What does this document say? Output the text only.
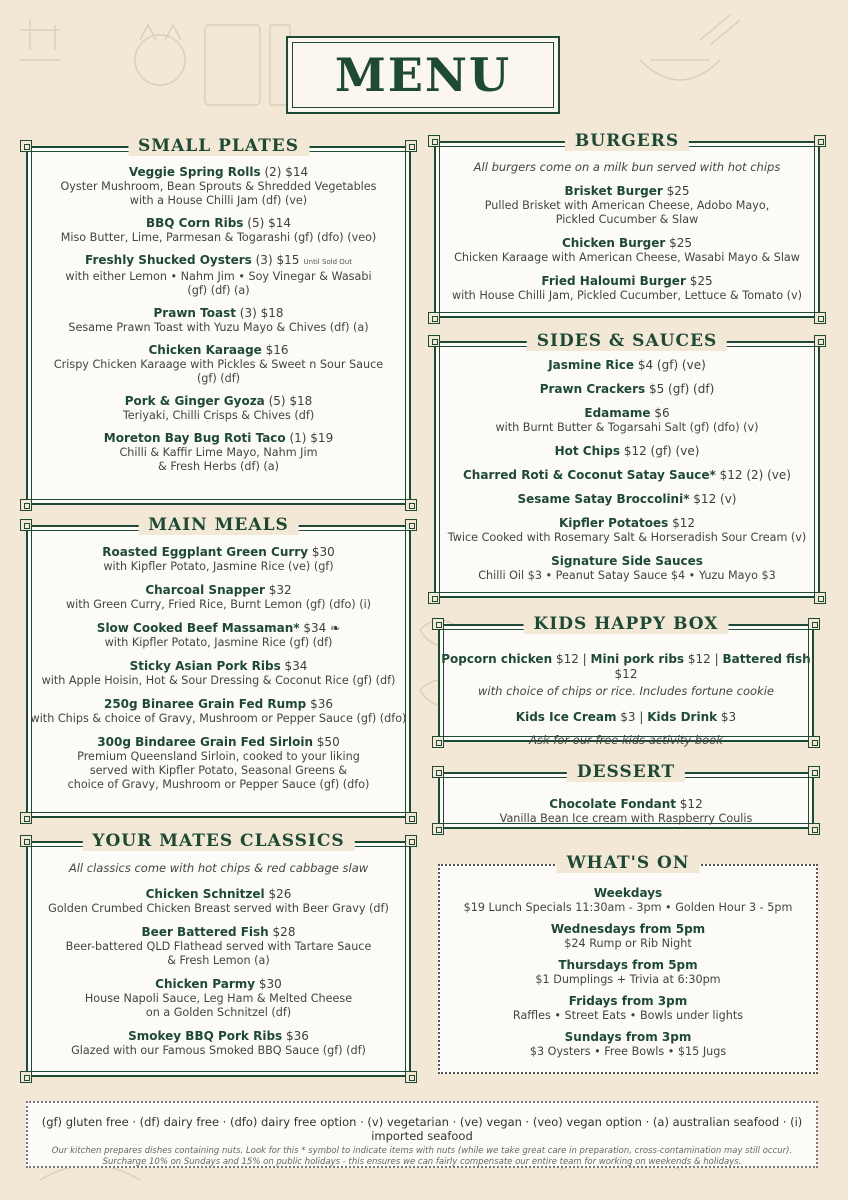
MENU
SMALL PLATES
Veggie Spring Rolls (2) $14
Oyster Mushroom, Bean Sprouts & Shredded Vegetables
with a House Chilli Jam (df) (ve)
BBQ Corn Ribs (5) $14
Miso Butter, Lime, Parmesan & Togarashi (gf) (dfo) (veo)
Freshly Shucked Oysters (3) $15 Until Sold Out
with either Lemon • Nahm Jim • Soy Vinegar & Wasabi
(gf) (df) (a)
Prawn Toast (3) $18
Sesame Prawn Toast with Yuzu Mayo & Chives (df) (a)
Chicken Karaage $16
Crispy Chicken Karaage with Pickles & Sweet n Sour Sauce
(gf) (df)
Pork & Ginger Gyoza (5) $18
Teriyaki, Chilli Crisps & Chives (df)
Moreton Bay Bug Roti Taco (1) $19
Chilli & Kaffir Lime Mayo, Nahm Jim
& Fresh Herbs (df) (a)
MAIN MEALS
Roasted Eggplant Green Curry $30
with Kipfler Potato, Jasmine Rice (ve) (gf)
Charcoal Snapper $32
with Green Curry, Fried Rice, Burnt Lemon (gf) (dfo) (i)
Slow Cooked Beef Massaman* $34 ❧
with Kipfler Potato, Jasmine Rice (gf) (df)
Sticky Asian Pork Ribs $34
with Apple Hoisin, Hot & Sour Dressing & Coconut Rice (gf) (df)
250g Binaree Grain Fed Rump $36
with Chips & choice of Gravy, Mushroom or Pepper Sauce (gf) (dfo)
300g Bindaree Grain Fed Sirloin $50
Premium Queensland Sirloin, cooked to your liking
served with Kipfler Potato, Seasonal Greens &
choice of Gravy, Mushroom or Pepper Sauce (gf) (dfo)
YOUR MATES CLASSICS
All classics come with hot chips & red cabbage slaw
Chicken Schnitzel $26
Golden Crumbed Chicken Breast served with Beer Gravy (df)
Beer Battered Fish $28
Beer-battered QLD Flathead served with Tartare Sauce
& Fresh Lemon (a)
Chicken Parmy $30
House Napoli Sauce, Leg Ham & Melted Cheese
on a Golden Schnitzel (df)
Smokey BBQ Pork Ribs $36
Glazed with our Famous Smoked BBQ Sauce (gf) (df)
BURGERS
All burgers come on a milk bun served with hot chips
Brisket Burger $25
Pulled Brisket with American Cheese, Adobo Mayo,
Pickled Cucumber & Slaw
Chicken Burger $25
Chicken Karaage with American Cheese, Wasabi Mayo & Slaw
Fried Haloumi Burger $25
with House Chilli Jam, Pickled Cucumber, Lettuce & Tomato (v)
SIDES & SAUCES
Jasmine Rice $4 (gf) (ve)
Prawn Crackers $5 (gf) (df)
Edamame $6
with Burnt Butter & Togarsahi Salt (gf) (dfo) (v)
Hot Chips $12 (gf) (ve)
Charred Roti & Coconut Satay Sauce* $12 (2) (ve)
Sesame Satay Broccolini* $12 (v)
Kipfler Potatoes $12
Twice Cooked with Rosemary Salt & Horseradish Sour Cream (v)
Signature Side Sauces
Chilli Oil $3 • Peanut Satay Sauce $4 • Yuzu Mayo $3
KIDS HAPPY BOX
Popcorn chicken $12 | Mini pork ribs $12 | Battered fish $12
with choice of chips or rice. Includes fortune cookie
Kids Ice Cream $3 | Kids Drink $3
Ask for our free kids activity book
DESSERT
Chocolate Fondant $12
Vanilla Bean Ice cream with Raspberry Coulis
WHAT'S ON
Weekdays
$19 Lunch Specials 11:30am - 3pm • Golden Hour 3 - 5pm
Wednesdays from 5pm
$24 Rump or Rib Night
Thursdays from 5pm
$1 Dumplings + Trivia at 6:30pm
Fridays from 3pm
Raffles • Street Eats • Bowls under lights
Sundays from 3pm
$3 Oysters • Free Bowls • $15 Jugs
(gf) gluten free · (df) dairy free · (dfo) dairy free option · (v) vegetarian · (ve) vegan · (veo) vegan option · (a) australian seafood · (i) imported seafood
Our kitchen prepares dishes containing nuts. Look for this * symbol to indicate items with nuts (while we take great care in preparation, cross-contamination may still occur).
Surcharge 10% on Sundays and 15% on public holidays - this ensures we can fairly compensate our entire team for working on weekends & holidays.
